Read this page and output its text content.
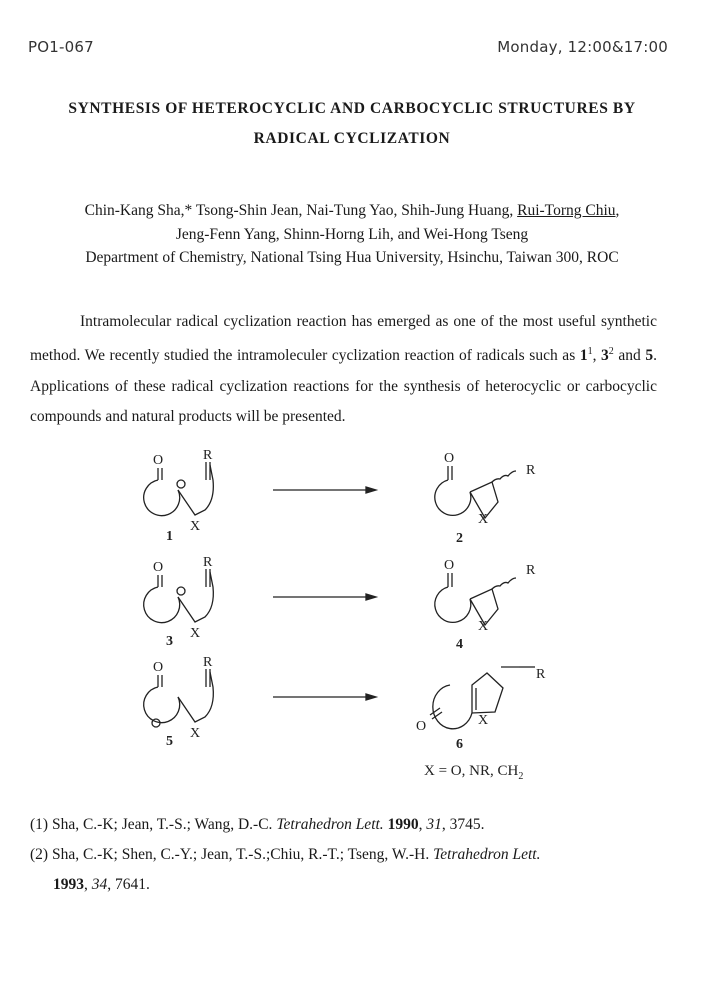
PO1-067	Monday, 12:00&17:00
SYNTHESIS OF HETEROCYCLIC AND CARBOCYCLIC STRUCTURES BY
RADICAL CYCLIZATION
Chin-Kang Sha,* Tsong-Shin Jean, Nai-Tung Yao, Shih-Jung Huang, Rui-Torng Chiu,
Jeng-Fenn Yang, Shinn-Horng Lih, and Wei-Hong Tseng
Department of Chemistry, National Tsing Hua University, Hsinchu, Taiwan 300, ROC
Intramolecular radical cyclization reaction has emerged as one of the most useful synthetic method. We recently studied the intramoleculer cyclization reaction of radicals such as $1^1$, $3^2$ and 5. Applications of these radical cyclization reactions for the synthesis of heterocyclic or carbocyclic compounds and natural products will be presented.
O	R
X
O	R
X
O	R
X
O
R
X
O	R
X
R
O	X
1	2
3	4
5	6
X = O, NR, $CH_2$
(1) Sha, C.-K; Jean, T.-S.; Wang, D.-C. Tetrahedron Lett. 1990, 31, 3745.
(2) Sha, C.-K; Shen, C.-Y.; Jean, T.-S.;Chiu, R.-T.; Tseng, W.-H. Tetrahedron Lett.
1993, 34, 7641.
